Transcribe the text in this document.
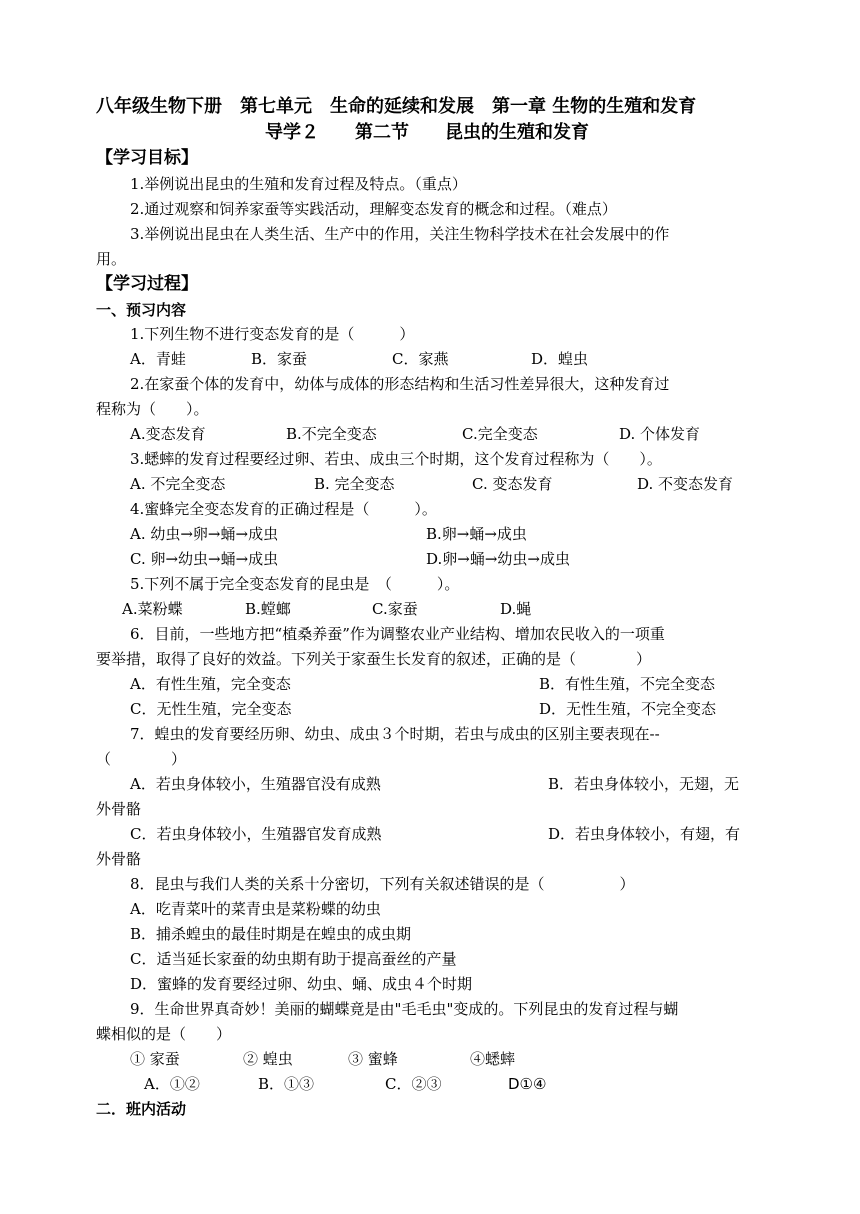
八年级生物下册　第七单元　生命的延续和发展　第一章 生物的生殖和发育
导学２　　第二节　　昆虫的生殖和发育
【学习目标】
1.举例说出昆虫的生殖和发育过程及特点。（重点）
2.通过观察和饲养家蚕等实践活动，理解变态发育的概念和过程。（难点）
3.举例说出昆虫在人类生活、生产中的作用，关注生物科学技术在社会发展中的作
用。
【学习过程】
一、预习内容
1.下列生物不进行变态发育的是（　　　）
A．青蛙	B．家蚕	C．家燕	D．蝗虫
2.在家蚕个体的发育中，幼体与成体的形态结构和生活习性差异很大，这种发育过
程称为（　　）。
A.变态发育	B.不完全变态	C.完全变态	D. 个体发育
3.蟋蟀的发育过程要经过卵、若虫、成虫三个时期，这个发育过程称为（　　）。
A. 不完全变态	B. 完全变态	C. 变态发育	D. 不变态发育
4.蜜蜂完全变态发育的正确过程是（　　　）。
A. 幼虫→卵→蛹→成虫	B.卵→蛹→成虫
C. 卵→幼虫→蛹→成虫	D.卵→蛹→幼虫→成虫
5.下列不属于完全变态发育的昆虫是　（　　　）。
A.菜粉蝶	B.螳螂	C.家蚕	D.蝇
6．目前，一些地方把“植桑养蚕”作为调整农业产业结构、增加农民收入的一项重
要举措，取得了良好的效益。下列关于家蚕生长发育的叙述，正确的是（　　　　）
A．有性生殖，完全变态	B．有性生殖，不完全变态
C．无性生殖，完全变态	D．无性生殖，不完全变态
7．蝗虫的发育要经历卵、幼虫、成虫３个时期，若虫与成虫的区别主要表现在--
（　　　　）
A．若虫身体较小，生殖器官没有成熟	B．若虫身体较小，无翅，无
外骨骼
C．若虫身体较小，生殖器官发育成熟	D．若虫身体较小，有翅，有
外骨骼
8．昆虫与我们人类的关系十分密切，下列有关叙述错误的是（　　　　　）
A．吃青菜叶的菜青虫是菜粉蝶的幼虫
B．捕杀蝗虫的最佳时期是在蝗虫的成虫期
C．适当延长家蚕的幼虫期有助于提高蚕丝的产量
D．蜜蜂的发育要经过卵、幼虫、蛹、成虫４个时期
9．生命世界真奇妙！美丽的蝴蝶竟是由"毛毛虫"变成的。下列昆虫的发育过程与蝴
蝶相似的是（　　）
① 家蚕	② 蝗虫	③ 蜜蜂	④蟋蟀
A．①②	B．①③	C．②③	D①④
二．班内活动
